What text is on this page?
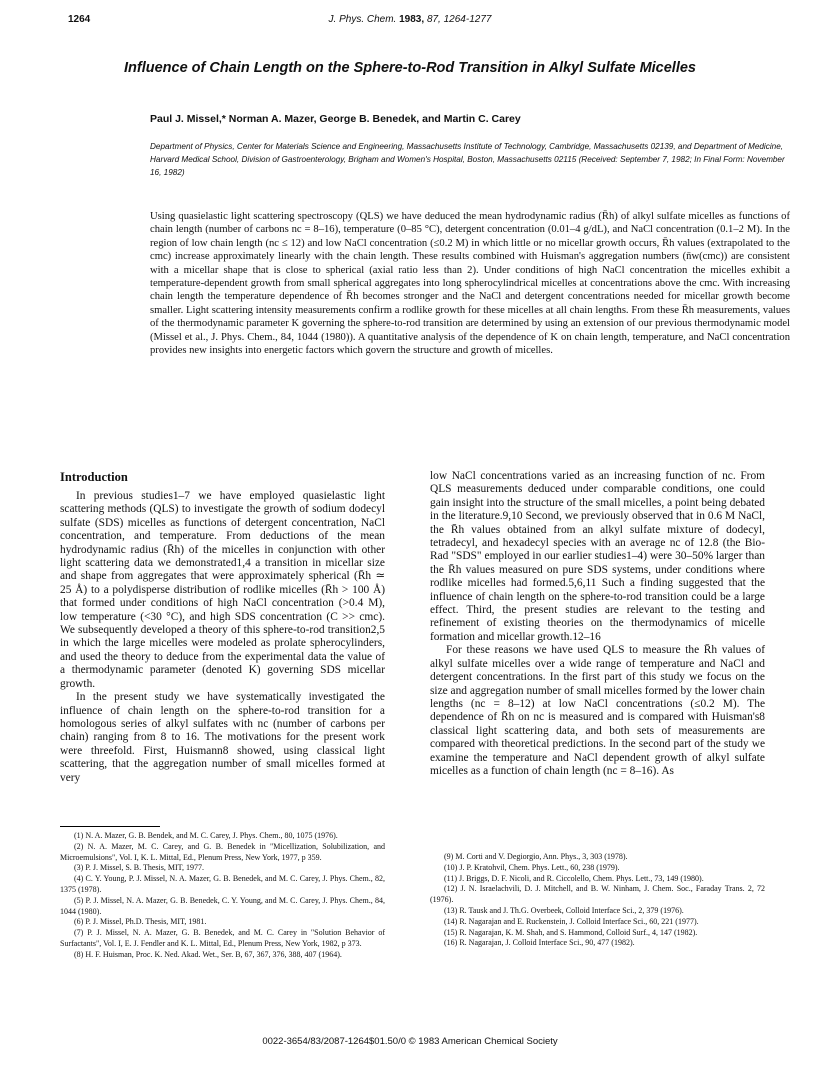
1264	J. Phys. Chem. 1983, 87, 1264-1277
Influence of Chain Length on the Sphere-to-Rod Transition in Alkyl Sulfate Micelles
Paul J. Missel,* Norman A. Mazer, George B. Benedek, and Martin C. Carey
Department of Physics, Center for Materials Science and Engineering, Massachusetts Institute of Technology, Cambridge, Massachusetts 02139, and Department of Medicine, Harvard Medical School, Division of Gastroenterology, Brigham and Women's Hospital, Boston, Massachusetts 02115 (Received: September 7, 1982; In Final Form: November 16, 1982)
Using quasielastic light scattering spectroscopy (QLS) we have deduced the mean hydrodynamic radius (R̄h) of alkyl sulfate micelles as functions of chain length (number of carbons nc = 8–16), temperature (0–85 °C), detergent concentration (0.01–4 g/dL), and NaCl concentration (0.1–2 M). In the region of low chain length (nc ≤ 12) and low NaCl concentration (≤0.2 M) in which little or no micellar growth occurs, R̄h values (extrapolated to the cmc) increase approximately linearly with the chain length. These results combined with Huisman's aggregation numbers (n̄w(cmc)) are consistent with a micellar shape that is close to spherical (axial ratio less than 2). Under conditions of high NaCl concentration the micelles exhibit a temperature-dependent growth from small spherical aggregates into long spherocylindrical micelles at concentrations above the cmc. With increasing chain length the temperature dependence of R̄h becomes stronger and the NaCl and detergent concentrations needed for micellar growth become smaller. Light scattering intensity measurements confirm a rodlike growth for these micelles at all chain lengths. From these R̄h measurements, values of the thermodynamic parameter K governing the sphere-to-rod transition are determined by using an extension of our previous thermodynamic model (Missel et al., J. Phys. Chem., 84, 1044 (1980)). A quantitative analysis of the dependence of K on chain length, temperature, and NaCl concentration provides new insights into energetic factors which govern the structure and growth of micelles.
Introduction

In previous studies1–7 we have employed quasielastic light scattering methods (QLS) to investigate the growth of sodium dodecyl sulfate (SDS) micelles as functions of detergent concentration, NaCl concentration, and temperature. From deductions of the mean hydrodynamic radius (R̄h) of the micelles in conjunction with other light scattering data we demonstrated1,4 a transition in micellar size and shape from aggregates that were approximately spherical (R̄h ≃ 25 Å) to a polydisperse distribution of rodlike micelles (R̄h > 100 Å) that formed under conditions of high NaCl concentration (>0.4 M), low temperature (<30 °C), and high SDS concentration (C >> cmc). We subsequently developed a theory of this sphere-to-rod transition2,5 in which the large micelles were modeled as prolate spherocylinders, and used the theory to deduce from the experimental data the value of a thermodynamic parameter (denoted K) governing SDS micellar growth.

In the present study we have systematically investigated the influence of chain length on the sphere-to-rod transition for a homologous series of alkyl sulfates with nc (number of carbons per chain) ranging from 8 to 16. The motivations for the present work were threefold. First, Huismann8 showed, using classical light scattering, that the aggregation number of small micelles formed at very

low NaCl concentrations varied as an increasing function of nc. From QLS measurements deduced under comparable conditions, one could gain insight into the structure of the small micelles, a point being debated in the literature.9,10 Second, we previously observed that in 0.6 M NaCl, the R̄h values obtained from an alkyl sulfate mixture of dodecyl, tetradecyl, and hexadecyl species with an average nc of 12.8 (the Bio-Rad "SDS" employed in our earlier studies1–4) were 30–50% larger than the R̄h values measured on pure SDS systems, under conditions where rodlike micelles had formed.5,6,11 Such a finding suggested that the influence of chain length on the sphere-to-rod transition could be a large effect. Third, the present studies are relevant to the testing and refinement of existing theories on the thermodynamics of micelle formation and micellar growth.12–16

For these reasons we have used QLS to measure the R̄h values of alkyl sulfate micelles over a wide range of temperature and NaCl and detergent concentrations. In the first part of this study we focus on the size and aggregation number of small micelles formed by the lower chain lengths (nc = 8–12) at low NaCl concentrations (≤0.2 M). The dependence of R̄h on nc is measured and is compared with Huisman's8 classical light scattering data, and both sets of measurements are compared with theoretical predictions. In the second part of the study we examine the temperature and NaCl dependent growth of alkyl sulfate micelles as a function of chain length (nc = 8–16). As

(1) N. A. Mazer, G. B. Bendek, and M. C. Carey, J. Phys. Chem., 80, 1075 (1976).

(2) N. A. Mazer, M. C. Carey, and G. B. Benedek in "Micellization, Solubilization, and Microemulsions", Vol. I, K. L. Mittal, Ed., Plenum Press, New York, 1977, p 359.

(3) P. J. Missel, S. B. Thesis, MIT, 1977.

(4) C. Y. Young, P. J. Missel, N. A. Mazer, G. B. Benedek, and M. C. Carey, J. Phys. Chem., 82, 1375 (1978).

(5) P. J. Missel, N. A. Mazer, G. B. Benedek, C. Y. Young, and M. C. Carey, J. Phys. Chem., 84, 1044 (1980).

(6) P. J. Missel, Ph.D. Thesis, MIT, 1981.

(7) P. J. Missel, N. A. Mazer, G. B. Benedek, and M. C. Carey in "Solution Behavior of Surfactants", Vol. I, E. J. Fendler and K. L. Mittal, Ed., Plenum Press, New York, 1982, p 373.

(8) H. F. Huisman, Proc. K. Ned. Akad. Wet., Ser. B, 67, 367, 376, 388, 407 (1964).

(9) M. Corti and V. Degiorgio, Ann. Phys., 3, 303 (1978).

(10) J. P. Kratohvil, Chem. Phys. Lett., 60, 238 (1979).

(11) J. Briggs, D. F. Nicoli, and R. Ciccolello, Chem. Phys. Lett., 73, 149 (1980).

(12) J. N. Israelachvili, D. J. Mitchell, and B. W. Ninham, J. Chem. Soc., Faraday Trans. 2, 72 (1976).

(13) R. Tausk and J. Th.G. Overbeek, Colloid Interface Sci., 2, 379 (1976).

(14) R. Nagarajan and E. Ruckenstein, J. Colloid Interface Sci., 60, 221 (1977).

(15) R. Nagarajan, K. M. Shah, and S. Hammond, Colloid Surf., 4, 147 (1982).

(16) R. Nagarajan, J. Colloid Interface Sci., 90, 477 (1982).

0022-3654/83/2087-1264$01.50/0 © 1983 American Chemical Society
